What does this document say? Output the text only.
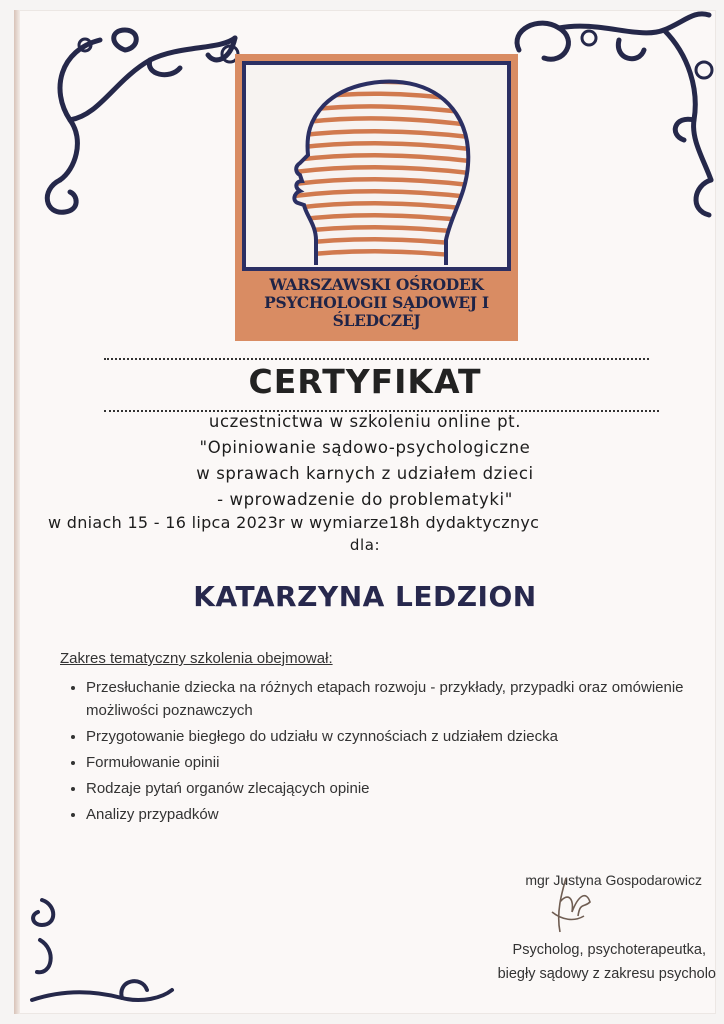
WARSZAWSKI OŚRODEK
PSYCHOLOGII SĄDOWEJ I
ŚLEDCZEJ
CERTYFIKAT
uczestnictwa w szkoleniu online pt.
"Opiniowanie sądowo-psychologiczne
w sprawach karnych z udziałem dzieci
- wprowadzenie do problematyki"
w dniach 15 - 16 lipca 2023r w wymiarze18h dydaktycznyc
dla:
KATARZYNA LEDZION
Zakres tematyczny szkolenia obejmował:
• Przesłuchanie dziecka na różnych etapach rozwoju - przykłady, przypadki oraz omówienie możliwości poznawczych
• Przygotowanie biegłego do udziału w czynnościach z udziałem dziecka
• Formułowanie opinii
• Rodzaje pytań organów zlecających opinie
• Analizy przypadków
mgr Justyna Gospodarowicz
Psycholog, psychoterapeutka,
biegły sądowy z zakresu psycholo
